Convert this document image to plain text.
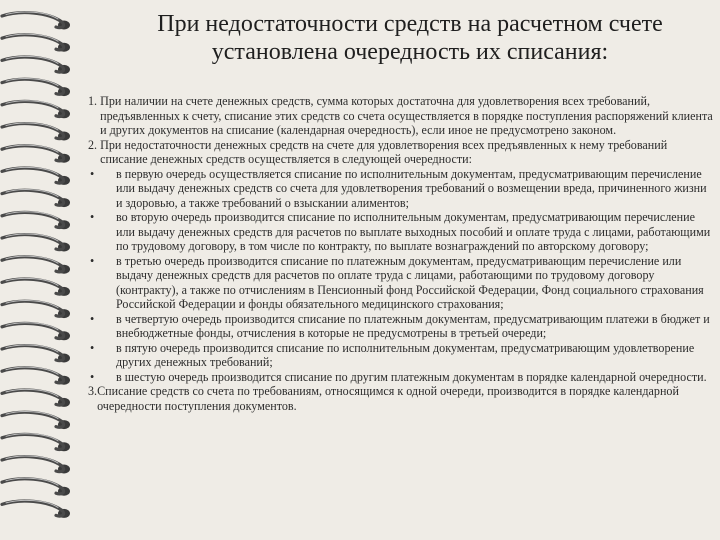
При недостаточности средств на расчетном счете
установлена очередность их списания:
1.
При наличии на счете денежных средств, сумма которых достаточна для удовлетворения всех требований, предъявленных к счету, списание этих средств со счета осуществляется в порядке поступления распоряжений клиента и других документов на списание (календарная очередность), если иное не предусмотрено законом.
2.
При недостаточности денежных средств на счете для удовлетворения всех предъявленных к нему требований списание денежных средств осуществляется в следующей очередности:
•	в первую очередь осуществляется списание по исполнительным документам, предусматривающим перечисление или выдачу денежных средств со счета для удовлетворения требований о возмещении вреда, причиненного жизни и здоровью, а также требований о взыскании алиментов;
•	во вторую очередь производится списание по исполнительным документам, предусматривающим перечисление или выдачу денежных средств для расчетов по выплате выходных пособий и оплате труда с лицами, работающими по трудовому договору, в том числе по контракту, по выплате вознаграждений по авторскому договору;
•	в третью очередь производится списание по платежным документам, предусматривающим перечисление или выдачу денежных средств для расчетов по оплате труда с лицами, работающими по трудовому договору (контракту), а также по отчислениям в Пенсионный фонд Российской Федерации, Фонд социального страхования Российской Федерации и фонды обязательного медицинского страхования;
•	в четвертую очередь производится списание по платежным документам, предусматривающим платежи в бюджет и внебюджетные фонды, отчисления в которые не предусмотрены в третьей очереди;
•	в пятую очередь производится списание по исполнительным документам, предусматривающим удовлетворение других денежных требований;
•	в шестую очередь производится списание по другим платежным документам в порядке календарной очередности.
3. Списание средств со счета по требованиям, относящимся к одной очереди, производится в порядке календарной очередности поступления документов.
